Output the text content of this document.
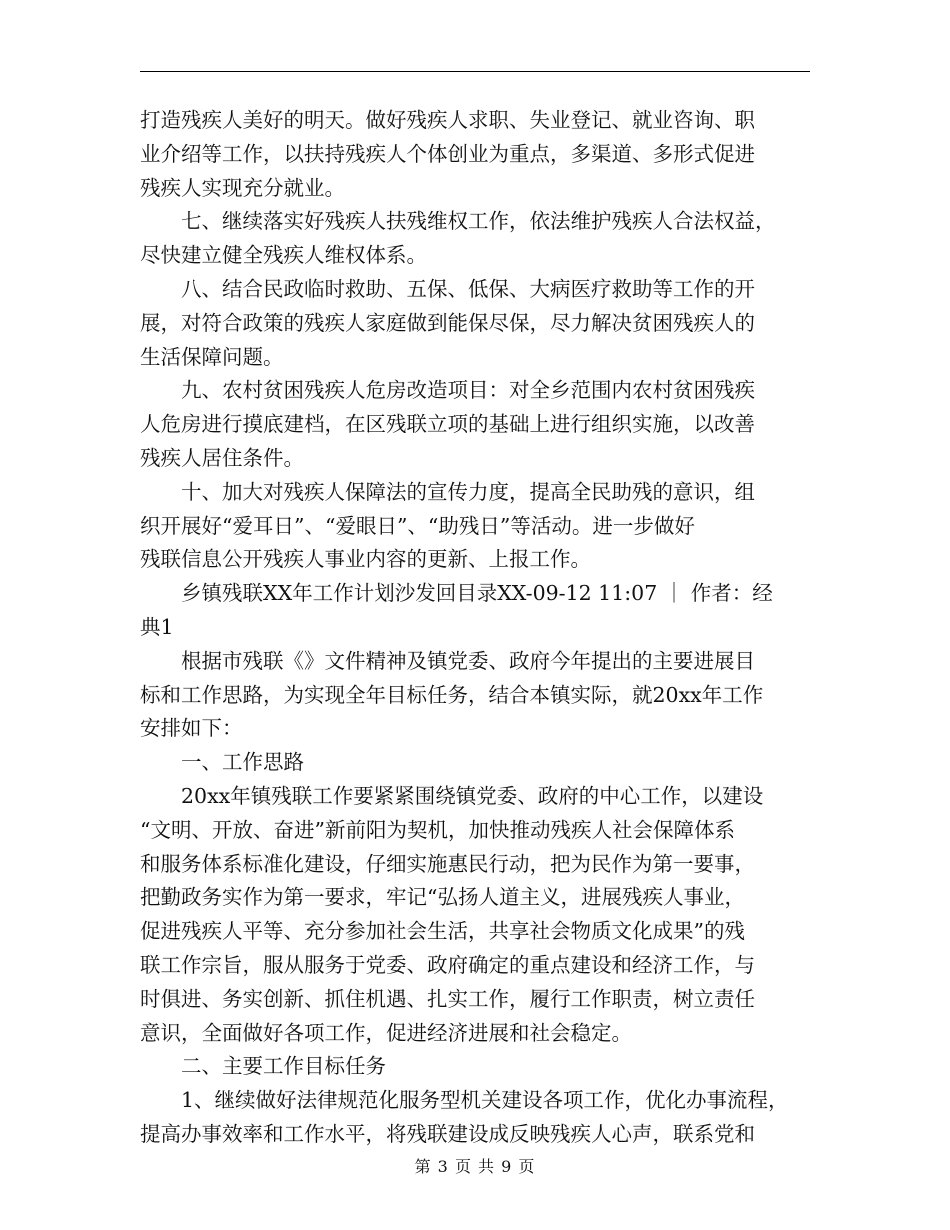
打造残疾人美好的明天。做好残疾人求职、失业登记、就业咨询、职
业介绍等工作，以扶持残疾人个体创业为重点，多渠道、多形式促进
残疾人实现充分就业。

七、继续落实好残疾人扶残维权工作，依法维护残疾人合法权益，
尽快建立健全残疾人维权体系。

八、结合民政临时救助、五保、低保、大病医疗救助等工作的开
展，对符合政策的残疾人家庭做到能保尽保，尽力解决贫困残疾人的
生活保障问题。

九、农村贫困残疾人危房改造项目：对全乡范围内农村贫困残疾
人危房进行摸底建档，在区残联立项的基础上进行组织实施，以改善
残疾人居住条件。

十、加大对残疾人保障法的宣传力度，提高全民助残的意识，组
织开展好“爱耳日”、“爱眼日”、“助残日”等活动。进一步做好
残联信息公开残疾人事业内容的更新、上报工作。

乡镇残联XX年工作计划沙发回目录XX-09-12 11:07 ｜ 作者：经
典1

根据市残联《》文件精神及镇党委、政府今年提出的主要进展目
标和工作思路，为实现全年目标任务，结合本镇实际，就20xx年工作
安排如下：

一、工作思路

20xx年镇残联工作要紧紧围绕镇党委、政府的中心工作，以建设
“文明、开放、奋进”新前阳为契机，加快推动残疾人社会保障体系
和服务体系标准化建设，仔细实施惠民行动，把为民作为第一要事，
把勤政务实作为第一要求，牢记“弘扬人道主义，进展残疾人事业，
促进残疾人平等、充分参加社会生活，共享社会物质文化成果”的残
联工作宗旨，服从服务于党委、政府确定的重点建设和经济工作，与
时俱进、务实创新、抓住机遇、扎实工作，履行工作职责，树立责任
意识，全面做好各项工作，促进经济进展和社会稳定。

二、主要工作目标任务

1、继续做好法律规范化服务型机关建设各项工作，优化办事流程，
提高办事效率和工作水平，将残联建设成反映残疾人心声，联系党和

第 3 页 共 9 页
